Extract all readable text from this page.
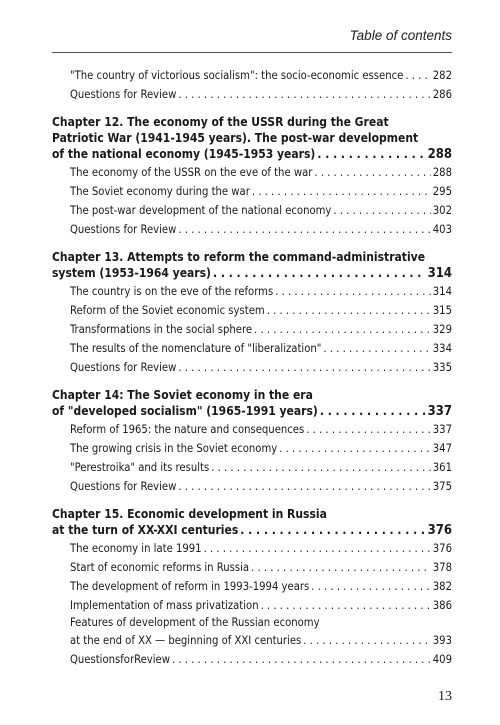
Table of contents
"The country of victorious socialism": the socio-economic essence . . .	282
Questions for Review . . .	286
Chapter 12. The economy of the USSR during the Great
Patriotic War (1941-1945 years). The post-war development
of the national economy (1945-1953 years) . . .	288
The economy of the USSR on the eve of the war . . .	288
The Soviet economy during the war . . .	295
The post-war development of the national economy . . .	302
Questions for Review . . .	403
Chapter 13. Attempts to reform the command-administrative
system (1953-1964 years) . . .	314
The country is on the eve of the reforms . . .	314
Reform of the Soviet economic system . . .	315
Transformations in the social sphere . . .	329
The results of the nomenclature of "liberalization" . . .	334
Questions for Review . . .	335
Chapter 14: The Soviet economy in the era
of "developed socialism" (1965-1991 years) . . .	337
Reform of 1965: the nature and consequences . . .	337
The growing crisis in the Soviet economy . . .	347
"Perestroika" and its results . . .	361
Questions for Review . . .	375
Chapter 15. Economic development in Russia
at the turn of XX-XXI centuries . . .	376
The economy in late 1991 . . .	376
Start of economic reforms in Russia . . .	378
The development of reform in 1993-1994 years . . .	382
Implementation of mass privatization . . .	386
Features of development of the Russian economy
at the end of XX — beginning of XXI centuries . . .	393
QuestionsforReview . . .	409
13
